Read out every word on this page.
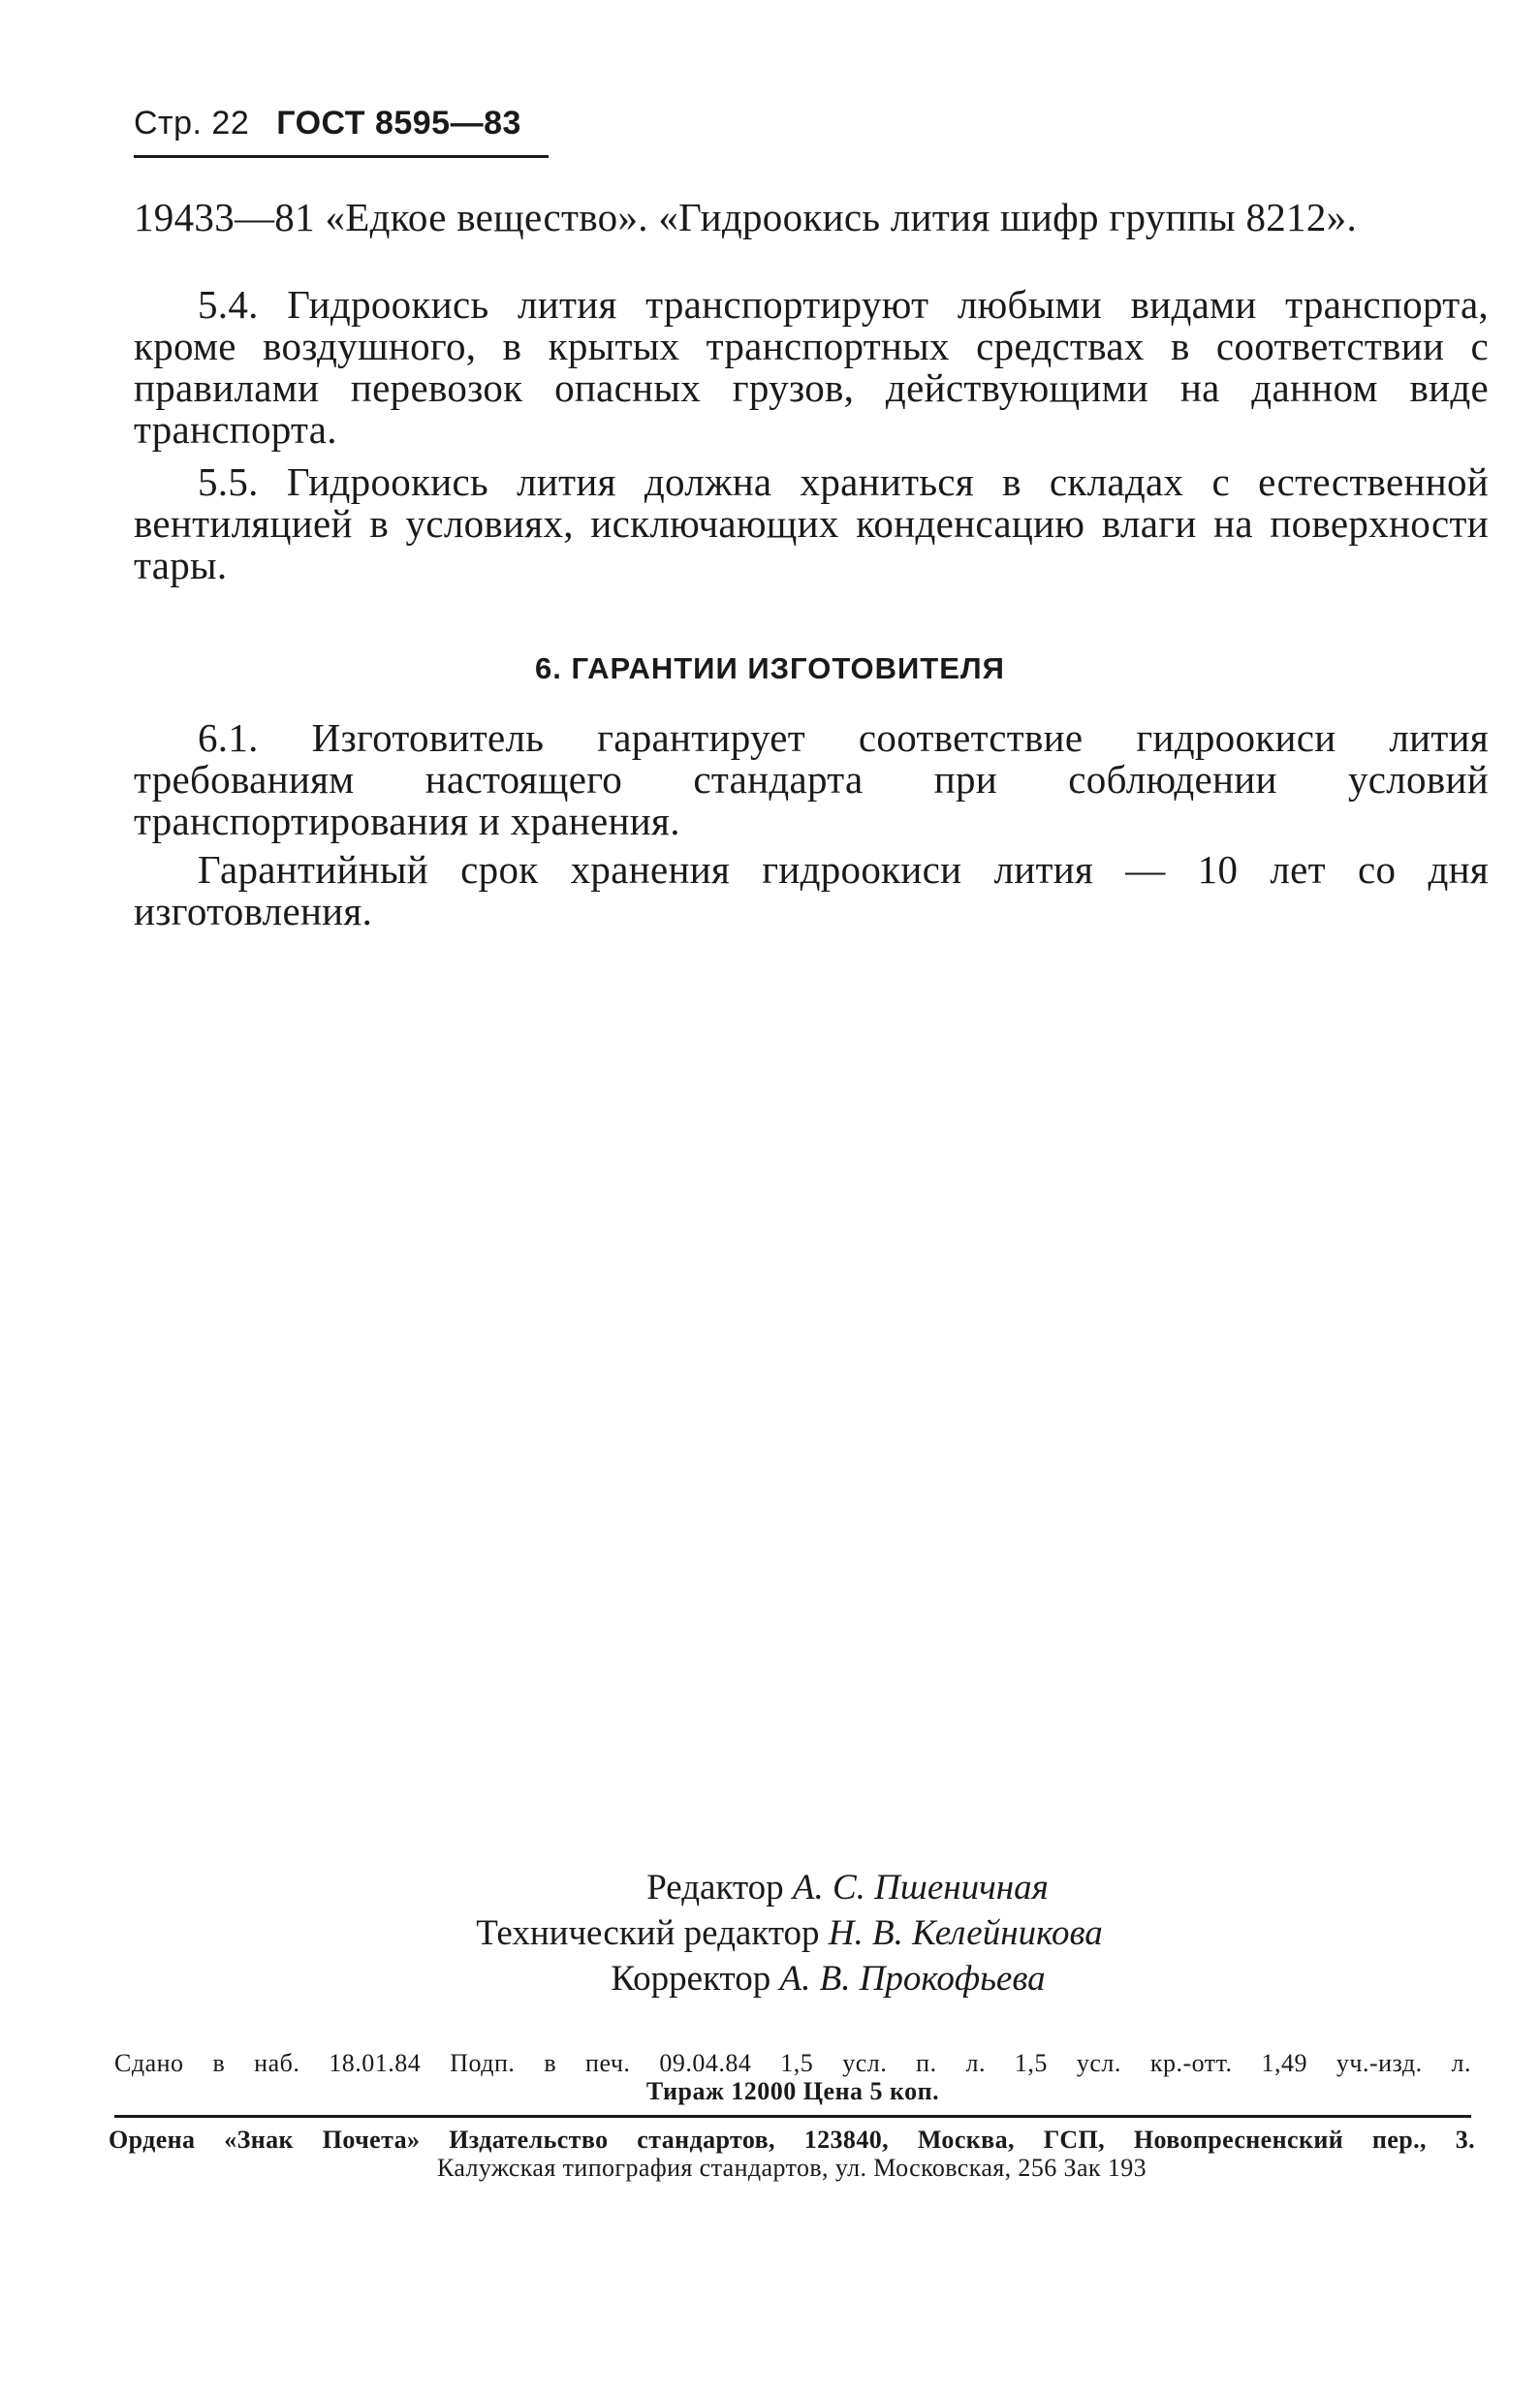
Стр. 22 ГОСТ 8595—83

19433—81 «Едкое вещество». «Гидроокись лития шифр группы 8212».

5.4. Гидроокись лития транспортируют любыми видами транспорта, кроме воздушного, в крытых транспортных средствах в соответствии с правилами перевозок опасных грузов, действующими на данном виде транспорта.

5.5. Гидроокись лития должна храниться в складах с естественной вентиляцией в условиях, исключающих конденсацию влаги на поверхности тары.

6. ГАРАНТИИ ИЗГОТОВИТЕЛЯ

6.1. Изготовитель гарантирует соответствие гидроокиси лития требованиям настоящего стандарта при соблюдении условий транспортирования и хранения.

Гарантийный срок хранения гидроокиси лития — 10 лет со дня изготовления.

Редактор А. С. Пшеничная
Технический редактор Н. В. Келейникова
Корректор А. В. Прокофьева
Сдано в наб. 18.01.84 Подп. в печ. 09.04.84 1,5 усл. п. л. 1,5 усл. кр.-отт. 1,49 уч.-изд. л.
Тираж 12000 Цена 5 коп.
Ордена «Знак Почета» Издательство стандартов, 123840, Москва, ГСП, Новопресненский пер., 3.
Калужская типография стандартов, ул. Московская, 256 Зак 193
